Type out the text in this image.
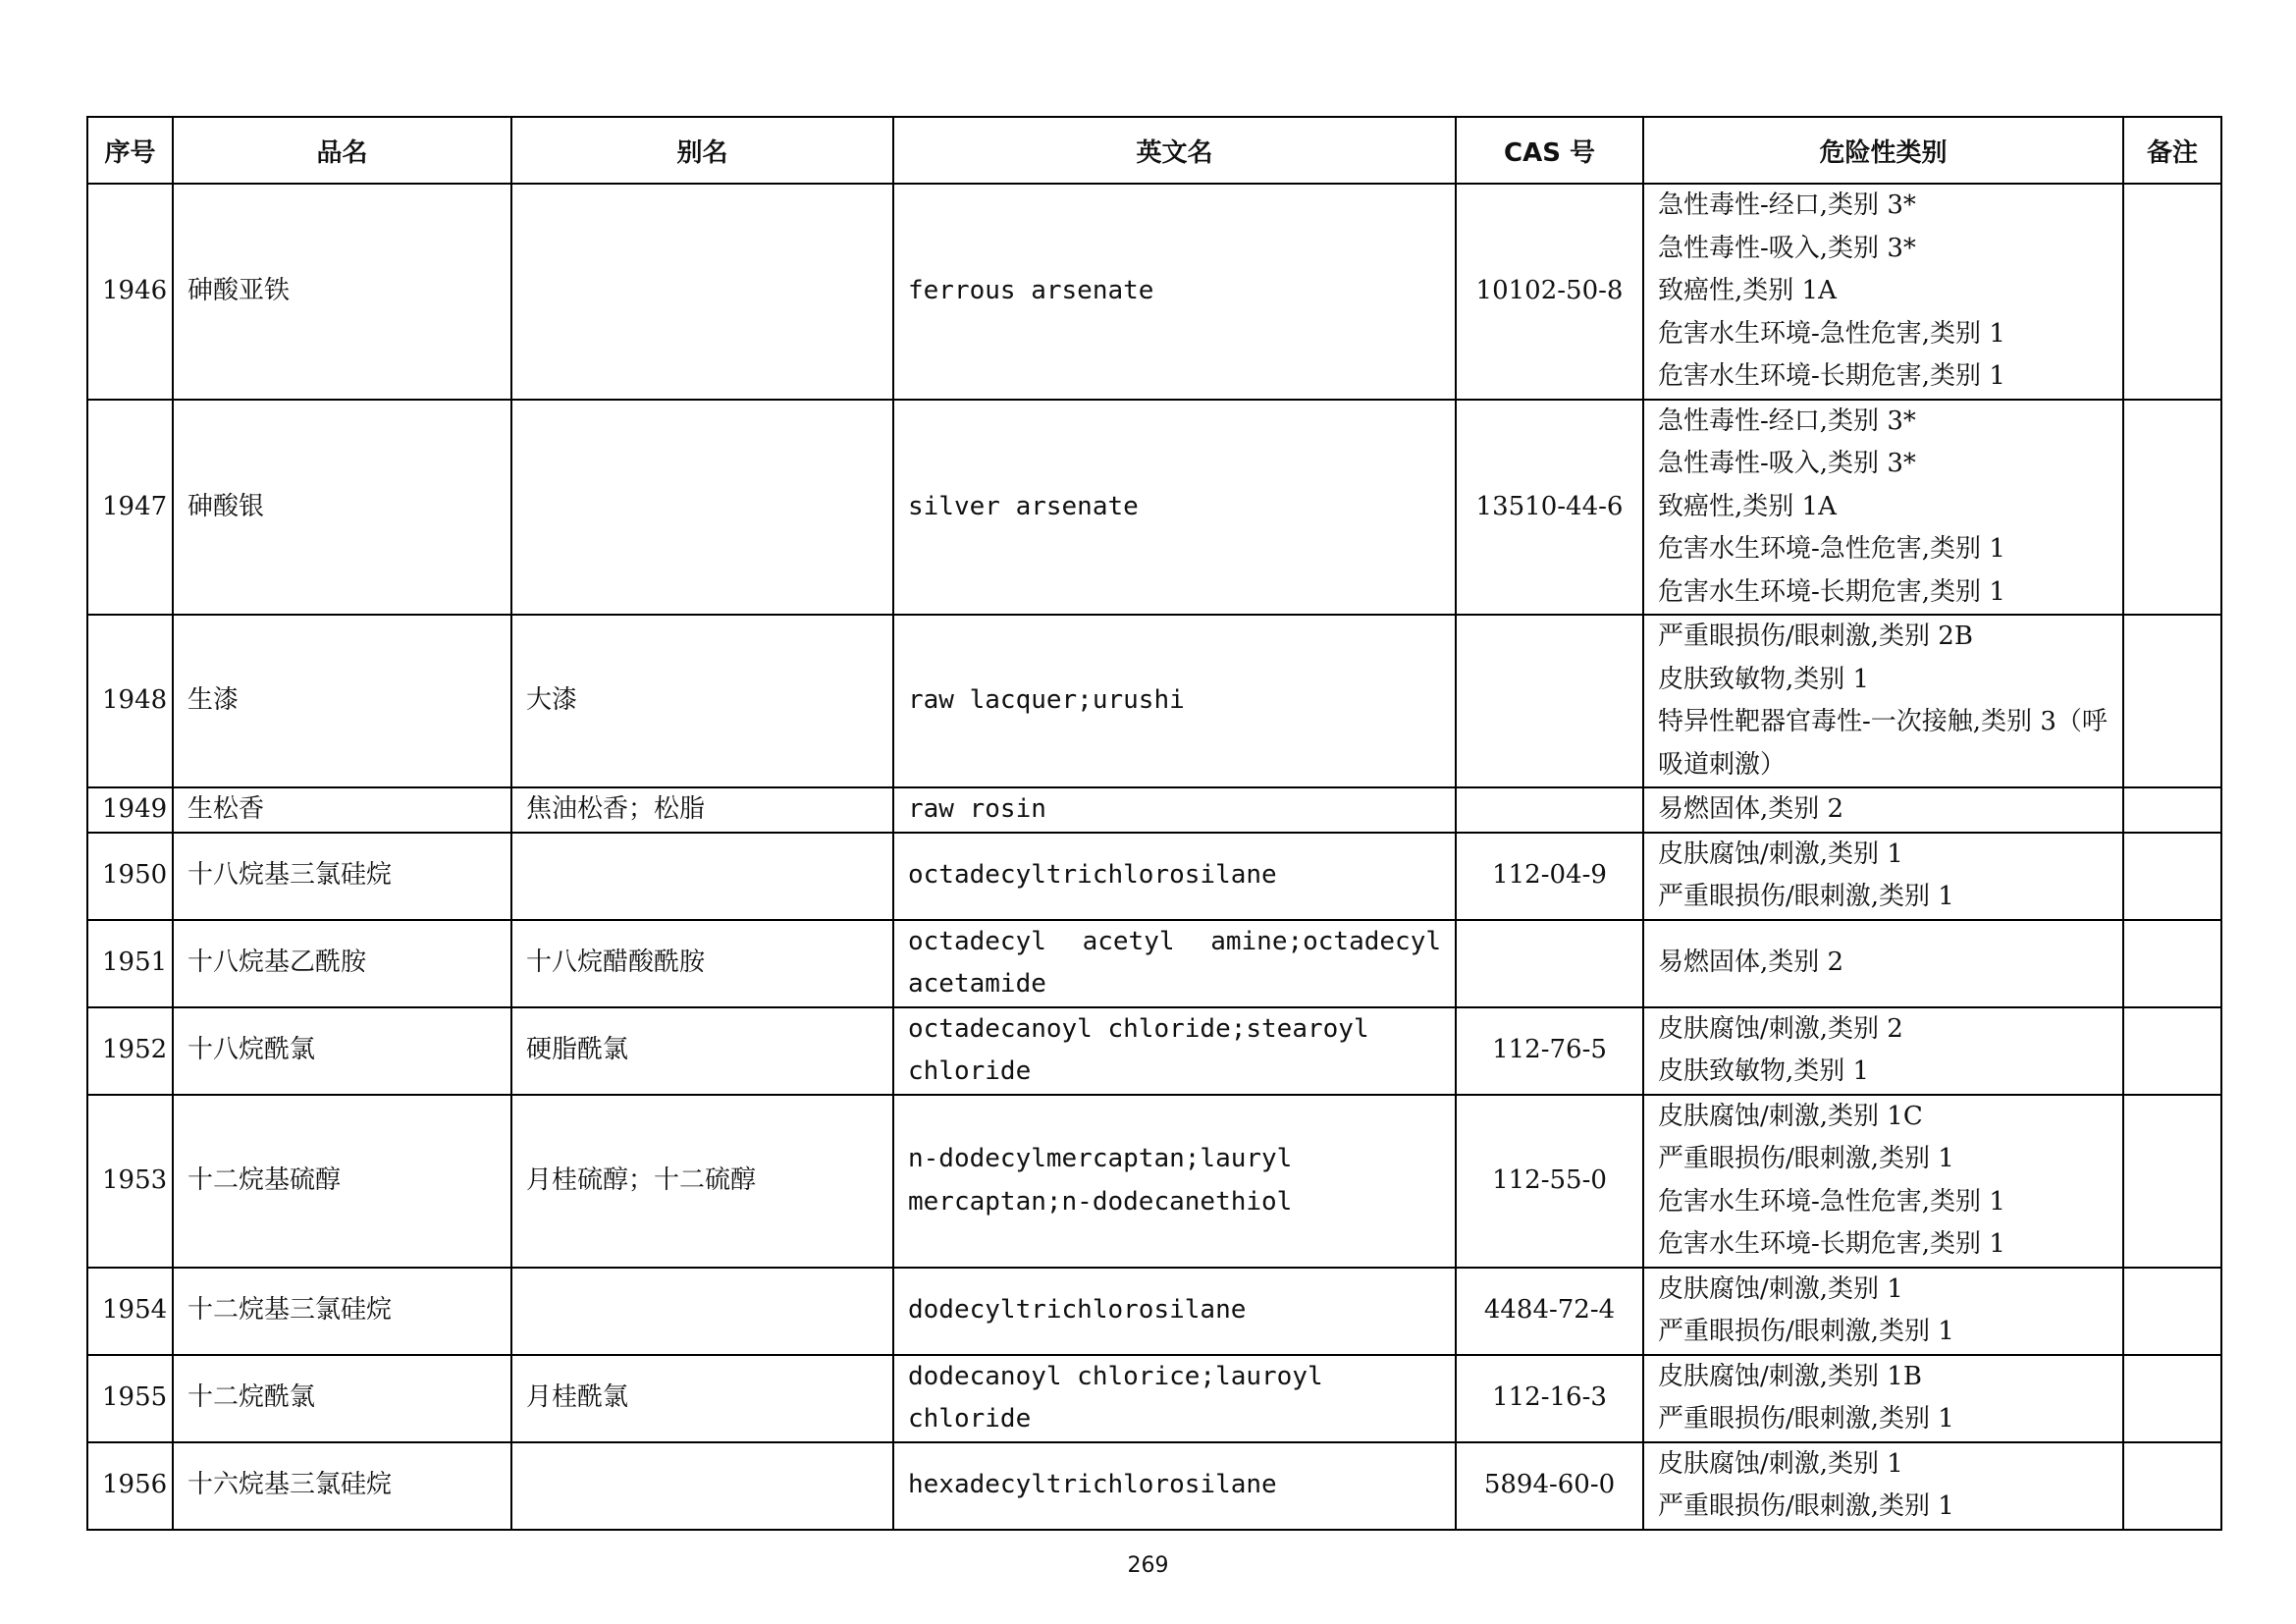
序号	品名	别名	英文名	CAS 号	危险性类别	备注
1946	砷酸亚铁		ferrous arsenate	10102-50-8	急性毒性-经口,类别 3*
急性毒性-吸入,类别 3*
致癌性,类别 1A
危害水生环境-急性危害,类别 1
危害水生环境-长期危害,类别 1	

1947	砷酸银		silver arsenate	13510-44-6	急性毒性-经口,类别 3*
急性毒性-吸入,类别 3*
致癌性,类别 1A
危害水生环境-急性危害,类别 1
危害水生环境-长期危害,类别 1	

1948	生漆	大漆	raw lacquer;urushi		严重眼损伤/眼刺激,类别 2B
皮肤致敏物,类别 1
特异性靶器官毒性-一次接触,类别 3（呼吸道刺激）	

1949	生松香	焦油松香；松脂	raw rosin		易燃固体,类别 2	

1950	十八烷基三氯硅烷		octadecyltrichlorosilane	112-04-9	皮肤腐蚀/刺激,类别 1
严重眼损伤/眼刺激,类别 1	

1951	十八烷基乙酰胺	十八烷醋酸酰胺	octadecyl acetyl amine;octadecyl acetamide		易燃固体,类别 2	

1952	十八烷酰氯	硬脂酰氯	octadecanoyl chloride;stearoyl chloride	112-76-5	皮肤腐蚀/刺激,类别 2
皮肤致敏物,类别 1	

1953	十二烷基硫醇	月桂硫醇；十二硫醇	n-dodecylmercaptan;lauryl mercaptan;n-dodecanethiol	112-55-0	皮肤腐蚀/刺激,类别 1C
严重眼损伤/眼刺激,类别 1
危害水生环境-急性危害,类别 1
危害水生环境-长期危害,类别 1	

1954	十二烷基三氯硅烷		dodecyltrichlorosilane	4484-72-4	皮肤腐蚀/刺激,类别 1
严重眼损伤/眼刺激,类别 1	

1955	十二烷酰氯	月桂酰氯	dodecanoyl chlorice;lauroyl chloride	112-16-3	皮肤腐蚀/刺激,类别 1B
严重眼损伤/眼刺激,类别 1	

1956	十六烷基三氯硅烷		hexadecyltrichlorosilane	5894-60-0	皮肤腐蚀/刺激,类别 1
严重眼损伤/眼刺激,类别 1	

269
